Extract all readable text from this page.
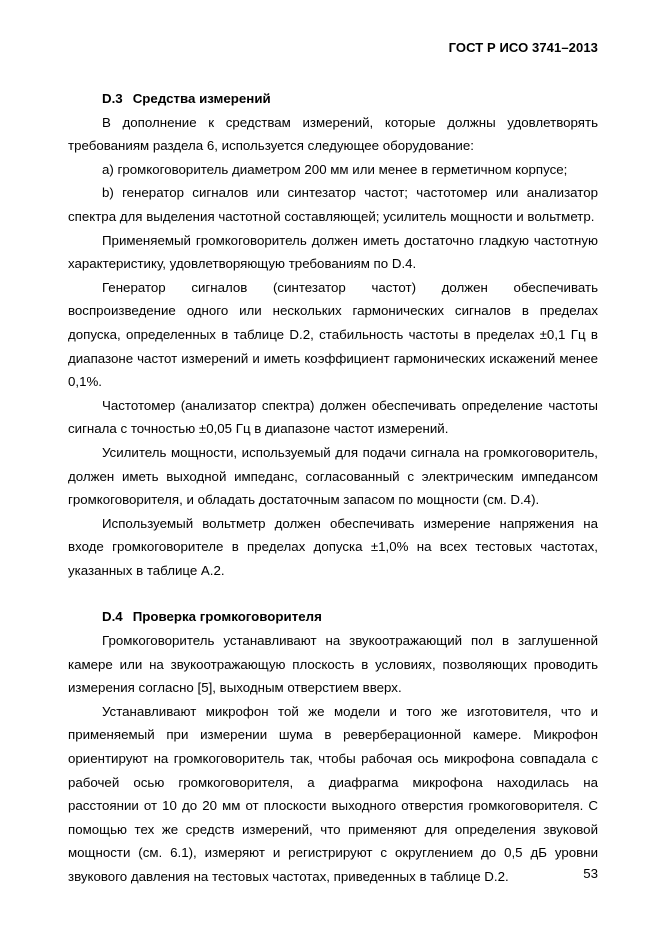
ГОСТ Р ИСО 3741–2013
D.3 Средства измерений

В дополнение к средствам измерений, которые должны удовлетворять требованиям раздела 6, используется следующее оборудование:

a) громкоговоритель диаметром 200 мм или менее в герметичном корпусе;

b) генератор сигналов или синтезатор частот; частотомер или анализатор спектра для выделения частотной составляющей; усилитель мощности и вольтметр.

Применяемый громкоговоритель должен иметь достаточно гладкую частотную характеристику, удовлетворяющую требованиям по D.4.

Генератор сигналов (синтезатор частот) должен обеспечивать воспроизведение одного или нескольких гармонических сигналов в пределах допуска, определенных в таблице D.2, стабильность частоты в пределах ±0,1 Гц в диапазоне частот измерений и иметь коэффициент гармонических искажений менее 0,1%.

Частотомер (анализатор спектра) должен обеспечивать определение частоты сигнала с точностью ±0,05 Гц в диапазоне частот измерений.

Усилитель мощности, используемый для подачи сигнала на громкоговоритель, должен иметь выходной импеданс, согласованный с электрическим импедансом громкоговорителя, и обладать достаточным запасом по мощности (см. D.4).

Используемый вольтметр должен обеспечивать измерение напряжения на входе громкоговорителе в пределах допуска ±1,0% на всех тестовых частотах, указанных в таблице А.2.

D.4 Проверка громкоговорителя

Громкоговоритель устанавливают на звукоотражающий пол в заглушенной камере или на звукоотражающую плоскость в условиях, позволяющих проводить измерения согласно [5], выходным отверстием вверх.

Устанавливают микрофон той же модели и того же изготовителя, что и применяемый при измерении шума в реверберационной камере. Микрофон ориентируют на громкоговоритель так, чтобы рабочая ось микрофона совпадала с рабочей осью громкоговорителя, а диафрагма микрофона находилась на расстоянии от 10 до 20 мм от плоскости выходного отверстия громкоговорителя. С помощью тех же средств измерений, что применяют для определения звуковой мощности (см. 6.1), измеряют и регистрируют с округлением до 0,5 дБ уровни звукового давления на тестовых частотах, приведенных в таблице D.2.	53
